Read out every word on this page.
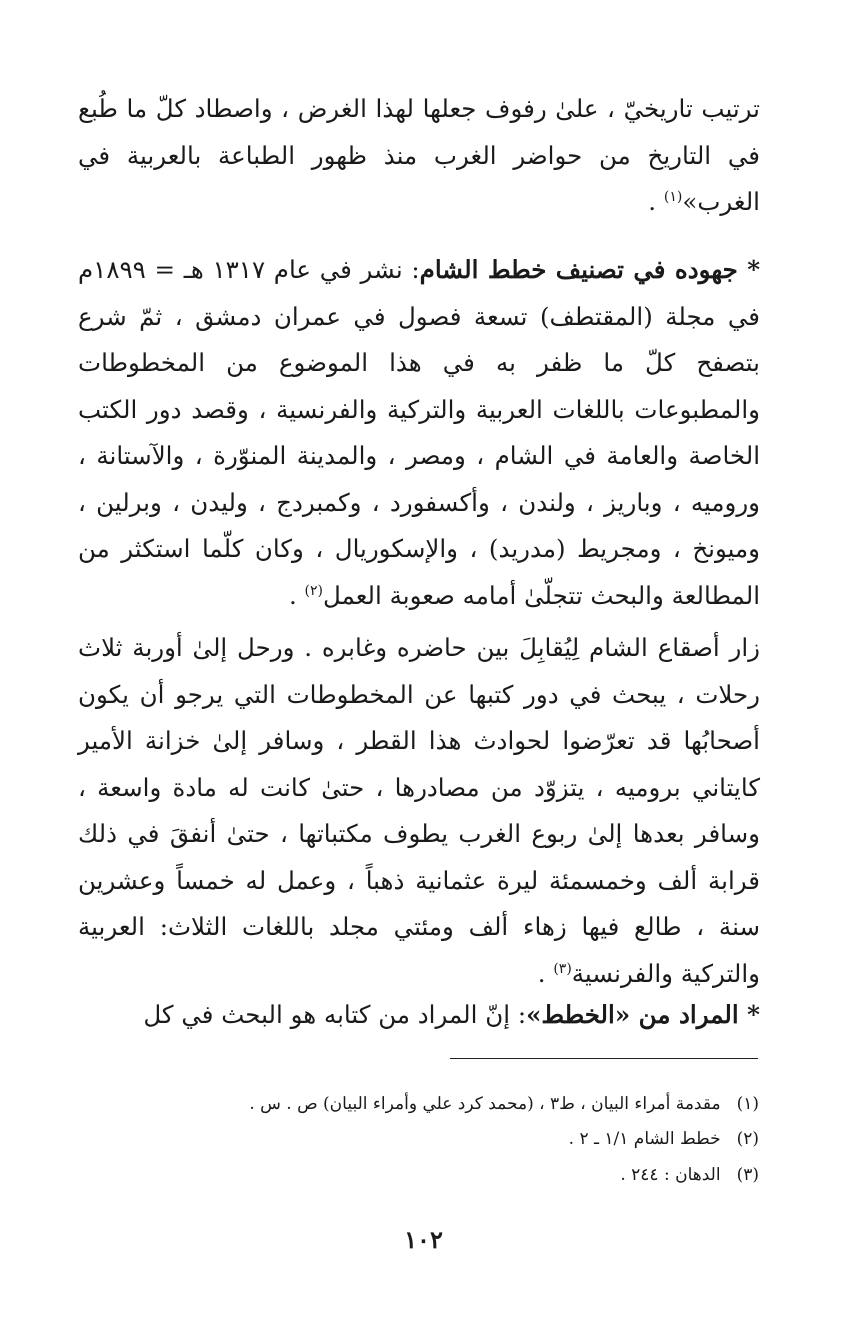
ترتيب تاريخيّ ، علىٰ رفوف جعلها لهذا الغرض ، واصطاد كلّ ما طُبع في التاريخ من حواضر الغرب منذ ظهور الطباعة بالعربية في الغرب»$^{(١)}$ .

* جهوده في تصنيف خطط الشام: نشر في عام ١٣١٧ هـ = ١٨٩٩م في مجلة (المقتطف) تسعة فصول في عمران دمشق ، ثمّ شرع بتصفح كلّ ما ظفر به في هذا الموضوع من المخطوطات والمطبوعات باللغات العربية والتركية والفرنسية ، وقصد دور الكتب الخاصة والعامة في الشام ، ومصر ، والمدينة المنوّرة ، والآستانة ، وروميه ، وباريز ، ولندن ، وأكسفورد ، وكمبردج ، وليدن ، وبرلين ، وميونخ ، ومجريط (مدريد) ، والإسكوريال ، وكان كلّما استكثر من المطالعة والبحث تتجلّىٰ أمامه صعوبة العمل$^{(٢)}$ .

زار أصقاع الشام لِيُقابِلَ بين حاضره وغابره . ورحل إلىٰ أوربة ثلاث رحلات ، يبحث في دور كتبها عن المخطوطات التي يرجو أن يكون أصحابُها قد تعرّضوا لحوادث هذا القطر ، وسافر إلىٰ خزانة الأمير كايتاني بروميه ، يتزوّد من مصادرها ، حتىٰ كانت له مادة واسعة ، وسافر بعدها إلىٰ ربوع الغرب يطوف مكتباتها ، حتىٰ أنفقَ في ذلك قرابة ألف وخمسمئة ليرة عثمانية ذهباً ، وعمل له خمساً وعشرين سنة ، طالع فيها زهاء ألف ومئتي مجلد باللغات الثلاث: العربية والتركية والفرنسية$^{(٣)}$ .

* المراد من «الخطط»: إنّ المراد من كتابه هو البحث في كل

(١)مقدمة أمراء البيان ، ط٣ ، (محمد كرد علي وأمراء البيان) ص . س .
(٢)خطط الشام ١/١ ـ ٢ .
(٣)الدهان : ٢٤٤ .
١٠٢
